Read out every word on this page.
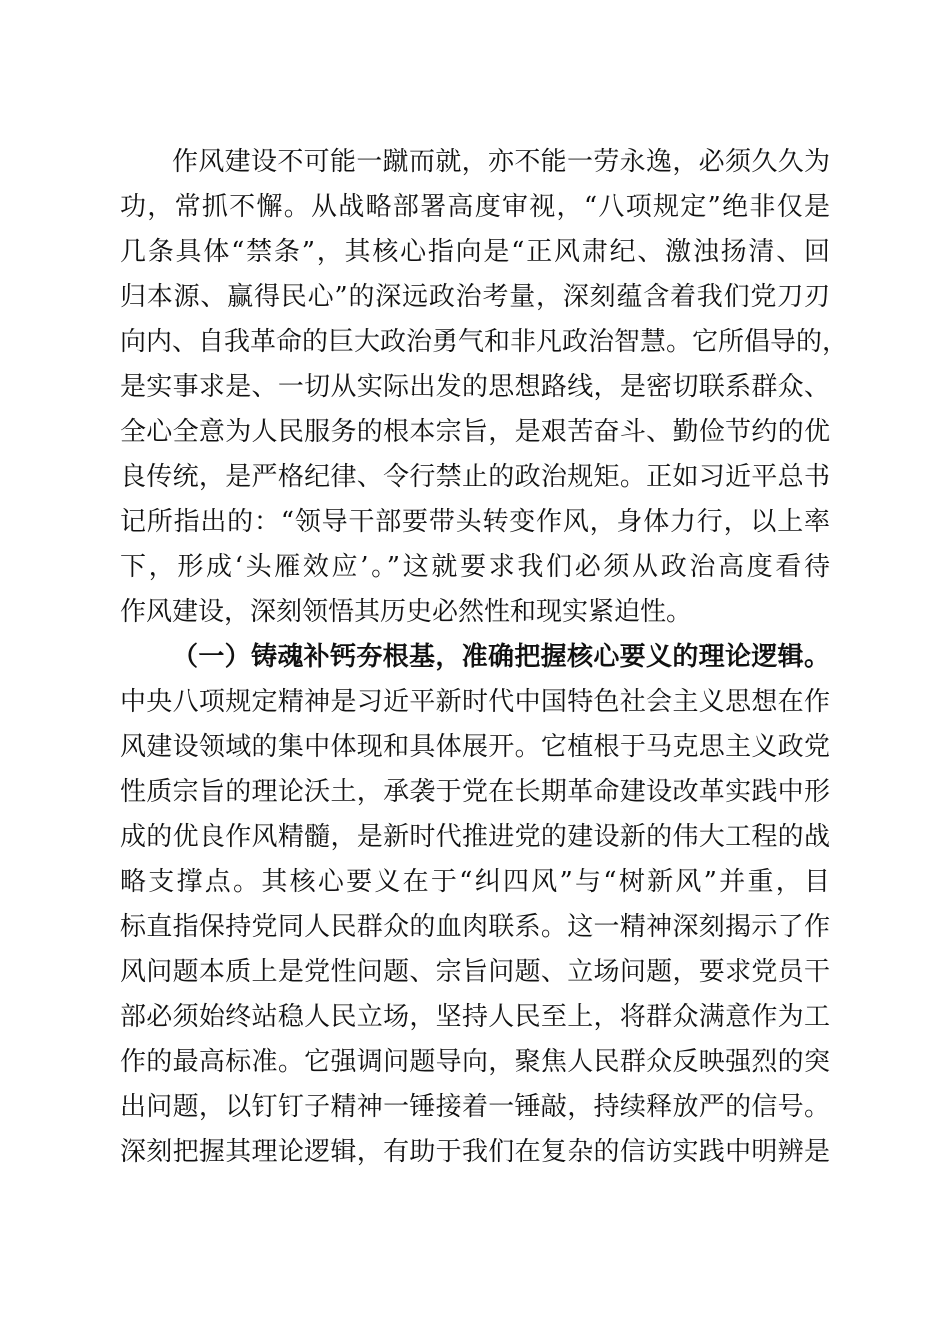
作风建设不可能一蹴而就，亦不能一劳永逸，必须久久为
功，常抓不懈。从战略部署高度审视，“八项规定”绝非仅是
几条具体“禁条”，其核心指向是“正风肃纪、激浊扬清、回
归本源、赢得民心”的深远政治考量，深刻蕴含着我们党刀刃
向内、自我革命的巨大政治勇气和非凡政治智慧。它所倡导的，
是实事求是、一切从实际出发的思想路线，是密切联系群众、
全心全意为人民服务的根本宗旨，是艰苦奋斗、勤俭节约的优
良传统，是严格纪律、令行禁止的政治规矩。正如习近平总书
记所指出的：“领导干部要带头转变作风，身体力行，以上率
下，形成‘头雁效应’。”这就要求我们必须从政治高度看待
作风建设，深刻领悟其历史必然性和现实紧迫性。
（一）铸魂补钙夯根基，准确把握核心要义的理论逻辑。
中央八项规定精神是习近平新时代中国特色社会主义思想在作
风建设领域的集中体现和具体展开。它植根于马克思主义政党
性质宗旨的理论沃土，承袭于党在长期革命建设改革实践中形
成的优良作风精髓，是新时代推进党的建设新的伟大工程的战
略支撑点。其核心要义在于“纠四风”与“树新风”并重，目
标直指保持党同人民群众的血肉联系。这一精神深刻揭示了作
风问题本质上是党性问题、宗旨问题、立场问题，要求党员干
部必须始终站稳人民立场，坚持人民至上，将群众满意作为工
作的最高标准。它强调问题导向，聚焦人民群众反映强烈的突
出问题，以钉钉子精神一锤接着一锤敲，持续释放严的信号。
深刻把握其理论逻辑，有助于我们在复杂的信访实践中明辨是
